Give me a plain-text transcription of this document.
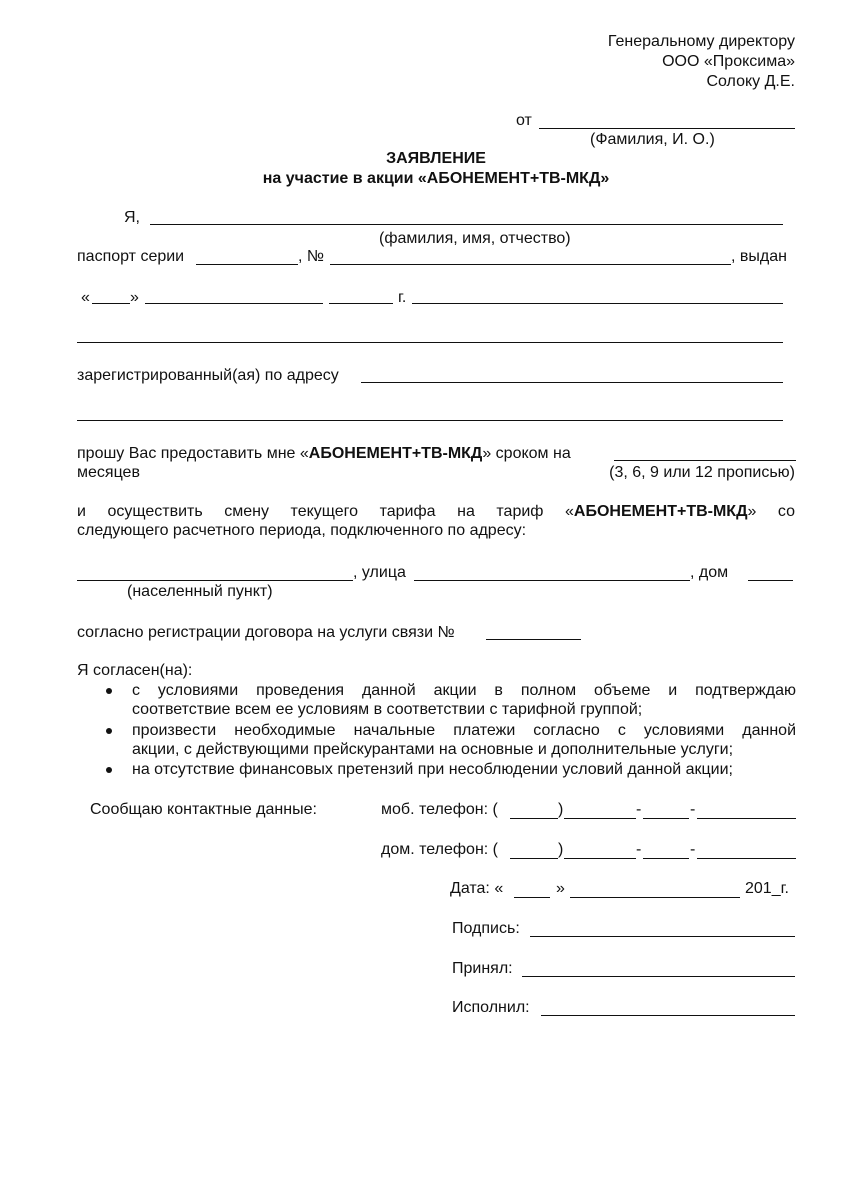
Генеральному директору
ООО «Проксима»
Солоку Д.Е.
от
(Фамилия, И. О.)
ЗАЯВЛЕНИЕ
на участие в акции «АБОНЕМЕНТ+ТВ-МКД»
Я,
(фамилия, имя, отчество)
паспорт серии	, №	, выдан
«	»	г.
зарегистрированный(ая) по адресу
прошу Вас предоставить мне «АБОНЕМЕНТ+ТВ-МКД» сроком на
месяцев	(3, 6, 9 или 12 прописью)
и осуществить смену текущего тарифа на тариф «АБОНЕМЕНТ+ТВ-МКД» со
следующего расчетного периода, подключенного по адресу:
, улица	, дом
(населенный пункт)
согласно регистрации договора на услуги связи №
Я согласен(на):
с условиями проведения данной акции в полном объеме и подтверждаю
соответствие всем ее условиям в соответствии с тарифной группой;
произвести необходимые начальные платежи согласно с условиями данной
акции, с действующими прейскурантами на основные и дополнительные услуги;
на отсутствие финансовых претензий при несоблюдении условий данной акции;
Сообщаю контактные данные:	моб. телефон: (	)	-	-
дом. телефон: (	)	-	-
Дата: «	»	201_г.
Подпись:
Принял:
Исполнил:
